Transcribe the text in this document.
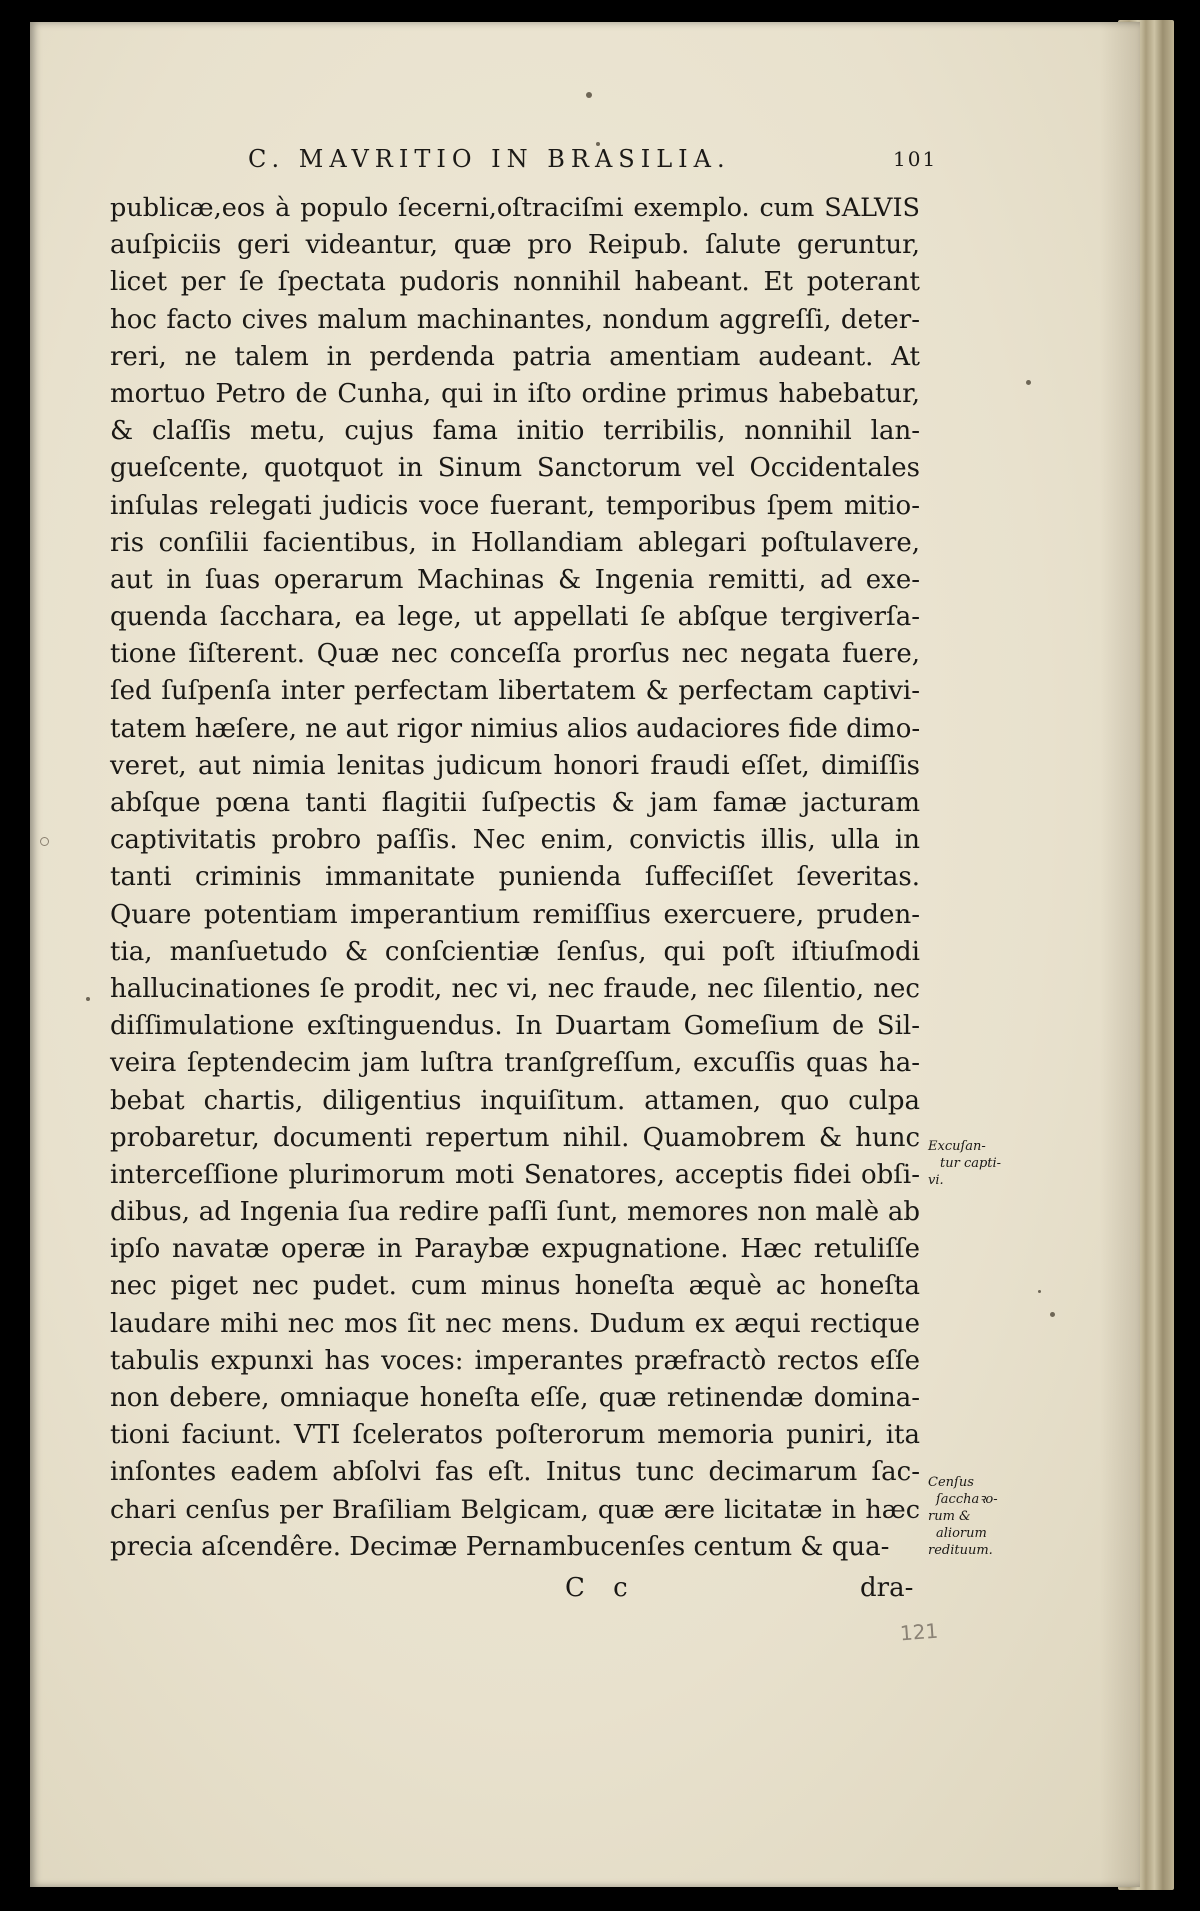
C. MAVRITIO IN BRASILIA.	101
publicæ,eos à populo ſecerni,oſtraciſmi exemplo. cum SALVIS
auſpiciis geri videantur, quæ pro Reipub. ſalute geruntur,
licet per ſe ſpectata pudoris nonnihil habeant. Et poterant
hoc facto cives malum machinantes, nondum aggreſſi, deter-
reri, ne talem in perdenda patria amentiam audeant. At
mortuo Petro de Cunha, qui in iſto ordine primus habebatur,
& claſſis metu, cujus fama initio terribilis, nonnihil lan-
gueſcente, quotquot in Sinum Sanctorum vel Occidentales
inſulas relegati judicis voce fuerant, temporibus ſpem mitio-
ris conſilii facientibus, in Hollandiam ablegari poſtulavere,
aut in ſuas operarum Machinas & Ingenia remitti, ad exe-
quenda ſacchara, ea lege, ut appellati ſe abſque tergiverſa-
tione ſiſterent. Quæ nec conceſſa prorſus nec negata fuere,
ſed ſuſpenſa inter perfectam libertatem & perfectam captivi-
tatem hæſere, ne aut rigor nimius alios audaciores fide dimo-
veret, aut nimia lenitas judicum honori fraudi eſſet, dimiſſis
abſque pœna tanti flagitii ſuſpectis & jam famæ jacturam
captivitatis probro paſſis. Nec enim, convictis illis, ulla in
tanti criminis immanitate punienda ſuffeciſſet ſeveritas.
Quare potentiam imperantium remiſſius exercuere, pruden-
tia, manſuetudo & conſcientiæ ſenſus, qui poſt iſtiuſmodi
hallucinationes ſe prodit, nec vi, nec fraude, nec ſilentio, nec
diſſimulatione exſtinguendus. In Duartam Gomeſium de Sil-
veira ſeptendecim jam luſtra tranſgreſſum, excuſſis quas ha-
bebat chartis, diligentius inquiſitum. attamen, quo culpa
probaretur, documenti repertum nihil. Quamobrem & hunc
interceſſione plurimorum moti Senatores, acceptis fidei obſi-
dibus, ad Ingenia ſua redire paſſi ſunt, memores non malè ab
ipſo navatæ operæ in Paraybæ expugnatione. Hæc retuliſſe
nec piget nec pudet. cum minus honeſta æquè ac honeſta
laudare mihi nec mos ſit nec mens. Dudum ex æqui rectique
tabulis expunxi has voces: imperantes præfractò rectos eſſe
non debere, omniaque honeſta eſſe, quæ retinendæ domina-
tioni faciunt. VTI ſceleratos poſterorum memoria puniri, ita
inſontes eadem abſolvi fas eſt. Initus tunc decimarum ſac-
chari cenſus per Braſiliam Belgicam, quæ ære licitatæ in hæc
precia aſcendêre. Decimæ Pernambucenſes centum & qua-
Excuſan-
tur capti-
vi.
Cenſus
ſacchaꝛo-
rum &
aliorum
redituum.
C c	dra-
121
